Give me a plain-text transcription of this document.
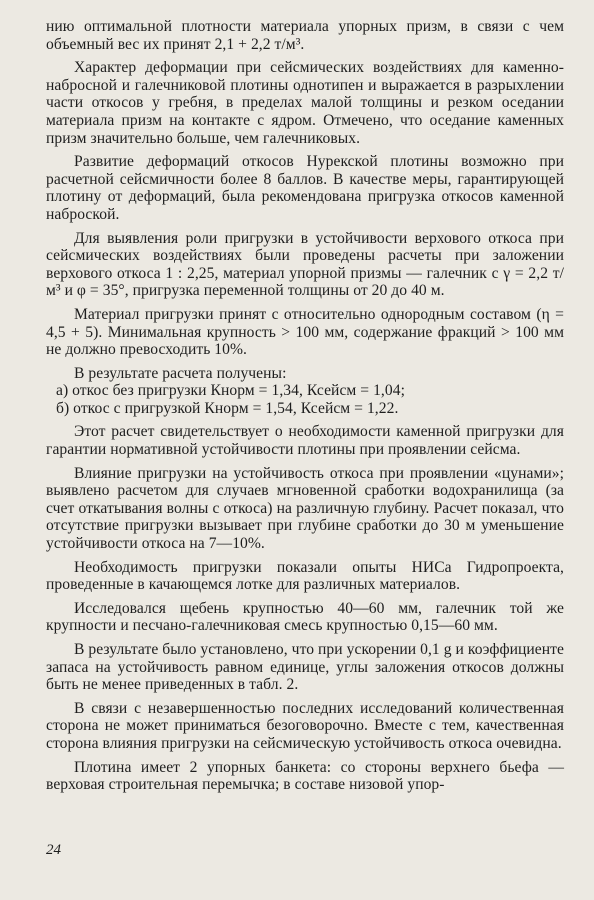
нию оптимальной плотности материала упорных призм, в связи с чем объемный вес их принят 2,1 + 2,2 т/м³.

Характер деформации при сейсмических воздействиях для каменно-набросной и галечниковой плотины однотипен и выражается в разрыхлении части откосов у гребня, в пределах малой толщины и резком оседании материала призм на контакте с ядром. Отмечено, что оседание каменных призм значительно больше, чем галечниковых.

Развитие деформаций откосов Нурекской плотины возможно при расчетной сейсмичности более 8 баллов. В качестве меры, гарантирующей плотину от деформаций, была рекомендована пригрузка откосов каменной наброской.

Для выявления роли пригрузки в устойчивости верхового откоса при сейсмических воздействиях были проведены расчеты при заложении верхового откоса 1 : 2,25, материал упорной призмы — галечник с γ = 2,2 т/м³ и φ = 35°, пригрузка переменной толщины от 20 до 40 м.

Материал пригрузки принят с относительно однородным составом (η = 4,5 + 5). Минимальная крупность > 100 мм, содержание фракций > 100 мм не должно превосходить 10%.

В результате расчета получены:

а) откос без пригрузки Кнорм = 1,34, Ксейсм = 1,04;

б) откос с пригрузкой Кнорм = 1,54, Ксейсм = 1,22.

Этот расчет свидетельствует о необходимости каменной пригрузки для гарантии нормативной устойчивости плотины при проявлении сейсма.

Влияние пригрузки на устойчивость откоса при проявлении «цунами»; выявлено расчетом для случаев мгновенной сработки водохранилища (за счет откатывания волны с откоса) на различную глубину. Расчет показал, что отсутствие пригрузки вызывает при глубине сработки до 30 м уменьшение устойчивости откоса на 7—10%.

Необходимость пригрузки показали опыты НИСа Гидропроекта, проведенные в качающемся лотке для различных материалов.

Исследовался щебень крупностью 40—60 мм, галечник той же крупности и песчано-галечниковая смесь крупностью 0,15—60 мм.

В результате было установлено, что при ускорении 0,1 g и коэффициенте запаса на устойчивость равном единице, углы заложения откосов должны быть не менее приведенных в табл. 2.

В связи с незавершенностью последних исследований количественная сторона не может приниматься безоговорочно. Вместе с тем, качественная сторона влияния пригрузки на сейсмическую устойчивость откоса очевидна.

Плотина имеет 2 упорных банкета: со стороны верхнего бьефа — верховая строительная перемычка; в составе низовой упор-

24
